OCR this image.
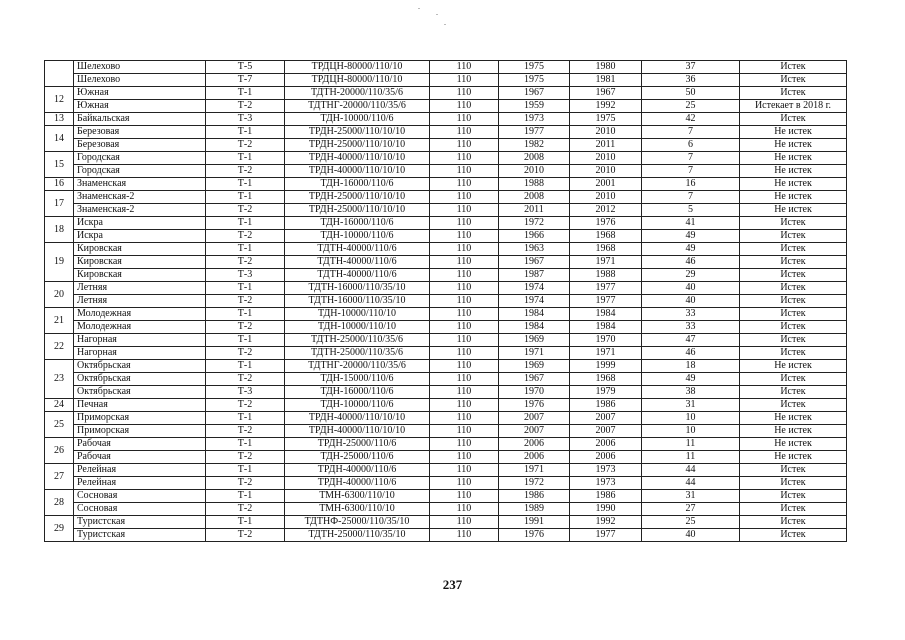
	Шелехово	Т-5	ТРДЦН-80000/110/10	110	1975	1980	37	Истек
	Шелехово	Т-7	ТРДЦН-80000/110/10	110	1975	1981	36	Истек
12	Южная	Т-1	ТДТН-20000/110/35/6	110	1967	1967	50	Истек
	Южная	Т-2	ТДТНГ-20000/110/35/6	110	1959	1992	25	Истекает в 2018 г.
13	Байкальская	Т-3	ТДН-10000/110/6	110	1973	1975	42	Истек
14	Березовая	Т-1	ТРДН-25000/110/10/10	110	1977	2010	7	Не истек
	Березовая	Т-2	ТРДН-25000/110/10/10	110	1982	2011	6	Не истек
15	Городская	Т-1	ТРДН-40000/110/10/10	110	2008	2010	7	Не истек
	Городская	Т-2	ТРДН-40000/110/10/10	110	2010	2010	7	Не истек
16	Знаменская	Т-1	ТДН-16000/110/6	110	1988	2001	16	Не истек
17	Знаменская-2	Т-1	ТРДН-25000/110/10/10	110	2008	2010	7	Не истек
	Знаменская-2	Т-2	ТРДН-25000/110/10/10	110	2011	2012	5	Не истек
18	Искра	Т-1	ТДН-16000/110/6	110	1972	1976	41	Истек
	Искра	Т-2	ТДН-10000/110/6	110	1966	1968	49	Истек
19	Кировская	Т-1	ТДТН-40000/110/6	110	1963	1968	49	Истек
	Кировская	Т-2	ТДТН-40000/110/6	110	1967	1971	46	Истек
	Кировская	Т-3	ТДТН-40000/110/6	110	1987	1988	29	Истек
20	Летняя	Т-1	ТДТН-16000/110/35/10	110	1974	1977	40	Истек
	Летняя	Т-2	ТДТН-16000/110/35/10	110	1974	1977	40	Истек
21	Молодежная	Т-1	ТДН-10000/110/10	110	1984	1984	33	Истек
	Молодежная	Т-2	ТДН-10000/110/10	110	1984	1984	33	Истек
22	Нагорная	Т-1	ТДТН-25000/110/35/6	110	1969	1970	47	Истек
	Нагорная	Т-2	ТДТН-25000/110/35/6	110	1971	1971	46	Истек
23	Октябрьская	Т-1	ТДТНГ-20000/110/35/6	110	1969	1999	18	Не истек
	Октябрьская	Т-2	ТДН-15000/110/6	110	1967	1968	49	Истек
	Октябрьская	Т-3	ТДН-16000/110/6	110	1970	1979	38	Истек
24	Печная	Т-2	ТДН-10000/110/6	110	1976	1986	31	Истек
25	Приморская	Т-1	ТРДН-40000/110/10/10	110	2007	2007	10	Не истек
	Приморская	Т-2	ТРДН-40000/110/10/10	110	2007	2007	10	Не истек
26	Рабочая	Т-1	ТРДН-25000/110/6	110	2006	2006	11	Не истек
	Рабочая	Т-2	ТДН-25000/110/6	110	2006	2006	11	Не истек
27	Релейная	Т-1	ТРДН-40000/110/6	110	1971	1973	44	Истек
	Релейная	Т-2	ТРДН-40000/110/6	110	1972	1973	44	Истек
28	Сосновая	Т-1	ТМН-6300/110/10	110	1986	1986	31	Истек
	Сосновая	Т-2	ТМН-6300/110/10	110	1989	1990	27	Истек
29	Туристская	Т-1	ТДТНФ-25000/110/35/10	110	1991	1992	25	Истек
	Туристская	Т-2	ТДТН-25000/110/35/10	110	1976	1977	40	Истек
237
